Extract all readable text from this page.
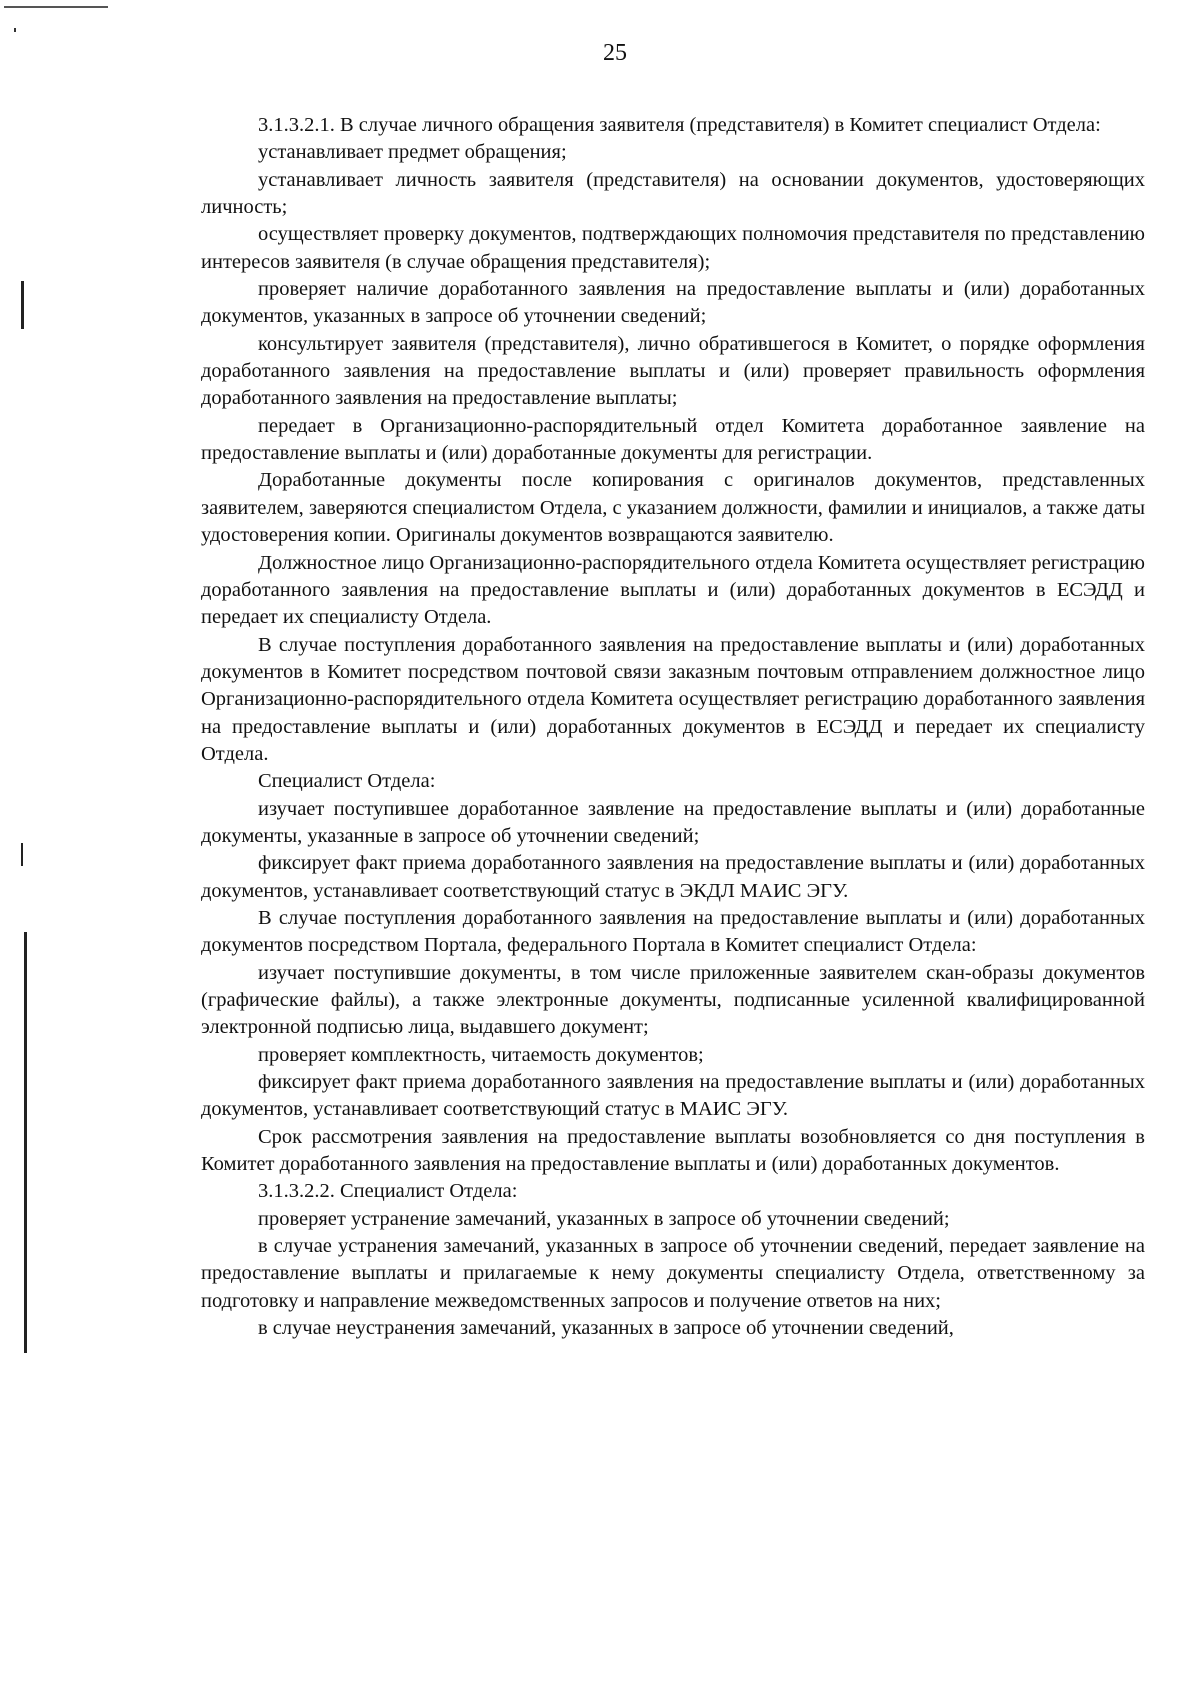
25

3.1.3.2.1. В случае личного обращения заявителя (представителя) в Комитет специалист Отдела:

устанавливает предмет обращения;

устанавливает личность заявителя (представителя) на основании документов, удостоверяющих личность;

осуществляет проверку документов, подтверждающих полномочия представителя по представлению интересов заявителя (в случае обращения представителя);

проверяет наличие доработанного заявления на предоставление выплаты и (или) доработанных документов, указанных в запросе об уточнении сведений;

консультирует заявителя (представителя), лично обратившегося в Комитет, о порядке оформления доработанного заявления на предоставление выплаты и (или) проверяет правильность оформления доработанного заявления на предоставление выплаты;

передает в Организационно-распорядительный отдел Комитета доработанное заявление на предоставление выплаты и (или) доработанные документы для регистрации.

Доработанные документы после копирования с оригиналов документов, представленных заявителем, заверяются специалистом Отдела, с указанием должности, фамилии и инициалов, а также даты удостоверения копии. Оригиналы документов возвращаются заявителю.

Должностное лицо Организационно-распорядительного отдела Комитета осуществляет регистрацию доработанного заявления на предоставление выплаты и (или) доработанных документов в ЕСЭДД и передает их специалисту Отдела.

В случае поступления доработанного заявления на предоставление выплаты и (или) доработанных документов в Комитет посредством почтовой связи заказным почтовым отправлением должностное лицо Организационно-распорядительного отдела Комитета осуществляет регистрацию доработанного заявления на предоставление выплаты и (или) доработанных документов в ЕСЭДД и передает их специалисту Отдела.

Специалист Отдела:

изучает поступившее доработанное заявление на предоставление выплаты и (или) доработанные документы, указанные в запросе об уточнении сведений;

фиксирует факт приема доработанного заявления на предоставление выплаты и (или) доработанных документов, устанавливает соответствующий статус в ЭКДЛ МАИС ЭГУ.

В случае поступления доработанного заявления на предоставление выплаты и (или) доработанных документов посредством Портала, федерального Портала в Комитет специалист Отдела:

изучает поступившие документы, в том числе приложенные заявителем скан-образы документов (графические файлы), а также электронные документы, подписанные усиленной квалифицированной электронной подписью лица, выдавшего документ;

проверяет комплектность, читаемость документов;

фиксирует факт приема доработанного заявления на предоставление выплаты и (или) доработанных документов, устанавливает соответствующий статус в МАИС ЭГУ.

Срок рассмотрения заявления на предоставление выплаты возобновляется со дня поступления в Комитет доработанного заявления на предоставление выплаты и (или) доработанных документов.

3.1.3.2.2. Специалист Отдела:

проверяет устранение замечаний, указанных в запросе об уточнении сведений;

в случае устранения замечаний, указанных в запросе об уточнении сведений, передает заявление на предоставление выплаты и прилагаемые к нему документы специалисту Отдела, ответственному за подготовку и направление межведомственных запросов и получение ответов на них;

в случае неустранения замечаний, указанных в запросе об уточнении сведений,
